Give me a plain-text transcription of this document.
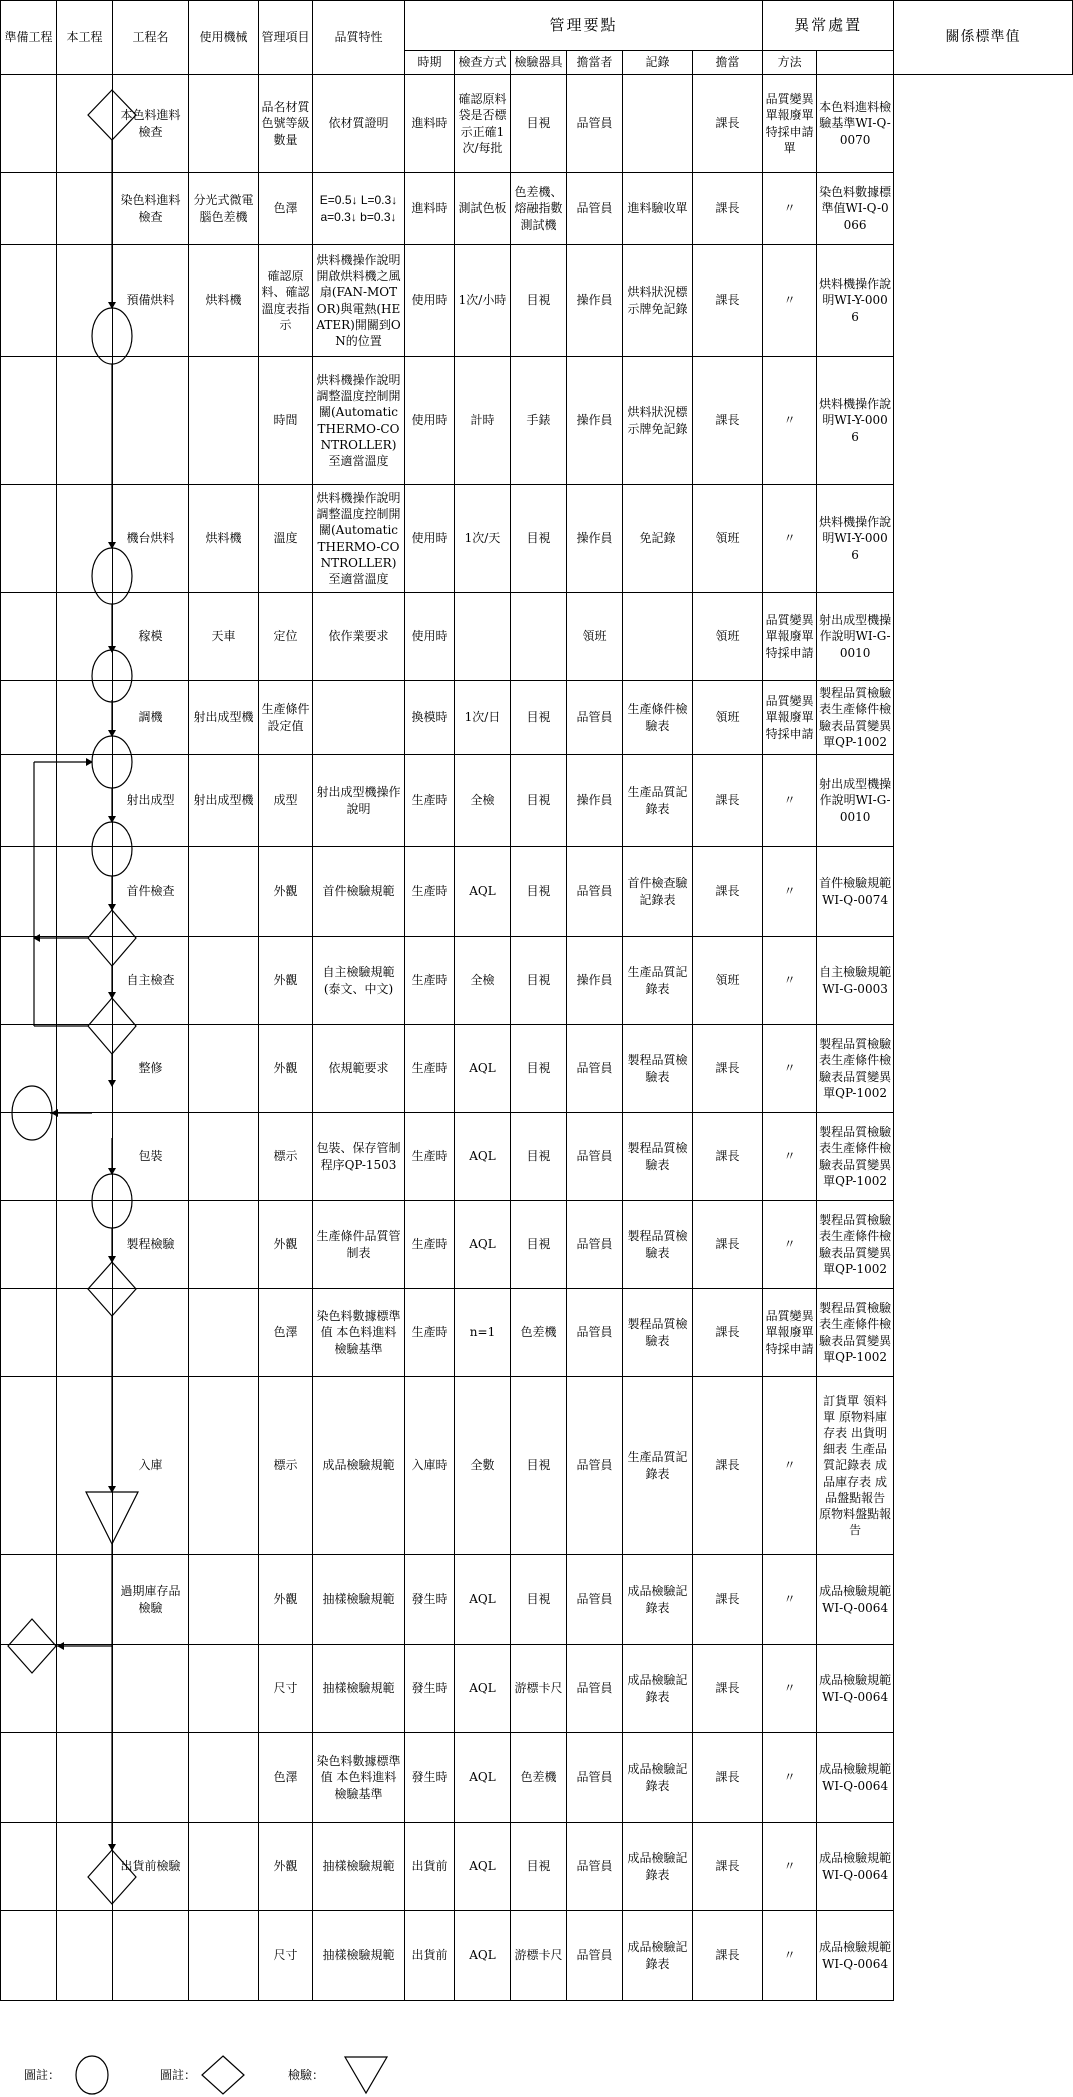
準備工程	本工程	工程名	使用機械	管理項目	品質特性	管理要點						異常處置		關係標準值
						時期	檢查方式	檢驗器具	擔當者	記錄	擔當	方法		
		本色料進料檢查		品名材質色號等級數量	依材質證明	進料時	確認原料袋是否標示正確1次/每批	目視	品管員		課長	品質變異單報廢單特採申請單	本色料進料檢驗基準WI-Q-0070	
		染色料進料檢查	分光式微電腦色差機	色澤	E=0.5↓ L=0.3↓ a=0.3↓ b=0.3↓	進料時	測試色板	色差機、熔融指數測試機	品管員	進料驗收單	課長	〃	染色料數據標準值WI-Q-0066	
		預備烘料	烘料機	確認原料、確認溫度表指示	烘料機操作說明開啟烘料機之風扇(FAN-MOTOR)與電熱(HEATER)開關到ON的位置	使用時	1次/小時	目視	操作員	烘料狀況標示牌免記錄	課長	〃	烘料機操作說明WI-Y-0006	
				時間	烘料機操作說明調整溫度控制開關(Automatic THERMO-CONTROLLER)至適當溫度	使用時	計時	手錶	操作員	烘料狀況標示牌免記錄	課長	〃	烘料機操作說明WI-Y-0006	
		機台烘料	烘料機	溫度	烘料機操作說明調整溫度控制開關(Automatic THERMO-CONTROLLER)至適當溫度	使用時	1次/天	目視	操作員	免記錄	領班	〃	烘料機操作說明WI-Y-0006	
		稼模	天車	定位	依作業要求	使用時			領班		領班	品質變異單報廢單特採申請	射出成型機操作說明WI-G-0010	
		調機	射出成型機	生產條件設定值		換模時	1次/日	目視	品管員	生產條件檢驗表	領班	品質變異單報廢單特採申請	製程品質檢驗表生產條件檢驗表品質變異單QP-1002	
		射出成型	射出成型機	成型	射出成型機操作說明	生產時	全檢	目視	操作員	生產品質記錄表	課長	〃	射出成型機操作說明WI-G-0010	
		首件檢查		外觀	首件檢驗規範	生產時	AQL	目視	品管員	首件檢查驗記錄表	課長	〃	首件檢驗規範WI-Q-0074	
		自主檢查		外觀	自主檢驗規範(泰文、中文)	生產時	全檢	目視	操作員	生產品質記錄表	領班	〃	自主檢驗規範WI-G-0003	
		整修		外觀	依規範要求	生產時	AQL	目視	品管員	製程品質檢驗表	課長	〃	製程品質檢驗表生產條件檢驗表品質變異單QP-1002	
		包裝		標示	包裝、保存管制程序QP-1503	生產時	AQL	目視	品管員	製程品質檢驗表	課長	〃	製程品質檢驗表生產條件檢驗表品質變異單QP-1002	
		製程檢驗		外觀	生產條件品質管制表	生產時	AQL	目視	品管員	製程品質檢驗表	課長	〃	製程品質檢驗表生產條件檢驗表品質變異單QP-1002	
				色澤	染色料數據標準值 本色料進料檢驗基準	生產時	n=1	色差機	品管員	製程品質檢驗表	課長	品質變異單報廢單特採申請	製程品質檢驗表生產條件檢驗表品質變異單QP-1002	
		入庫		標示	成品檢驗規範	入庫時	全數	目視	品管員	生產品質記錄表	課長	〃	訂貨單 領料單 原物料庫存表 出貨明細表 生產品質記錄表 成品庫存表 成品盤點報告 原物料盤點報告	
		過期庫存品檢驗		外觀	抽樣檢驗規範	發生時	AQL	目視	品管員	成品檢驗記錄表	課長	〃	成品檢驗規範WI-Q-0064	
				尺寸	抽樣檢驗規範	發生時	AQL	游標卡尺	品管員	成品檢驗記錄表	課長	〃	成品檢驗規範WI-Q-0064	
				色澤	染色料數據標準值 本色料進料檢驗基準	發生時	AQL	色差機	品管員	成品檢驗記錄表	課長	〃	成品檢驗規範WI-Q-0064	
		出貨前檢驗		外觀	抽樣檢驗規範	出貨前	AQL	目視	品管員	成品檢驗記錄表	課長	〃	成品檢驗規範WI-Q-0064	
				尺寸	抽樣檢驗規範	出貨前	AQL	游標卡尺	品管員	成品檢驗記錄表	課長	〃	成品檢驗規範WI-Q-0064	
圖註：	圖註：	檢驗：
